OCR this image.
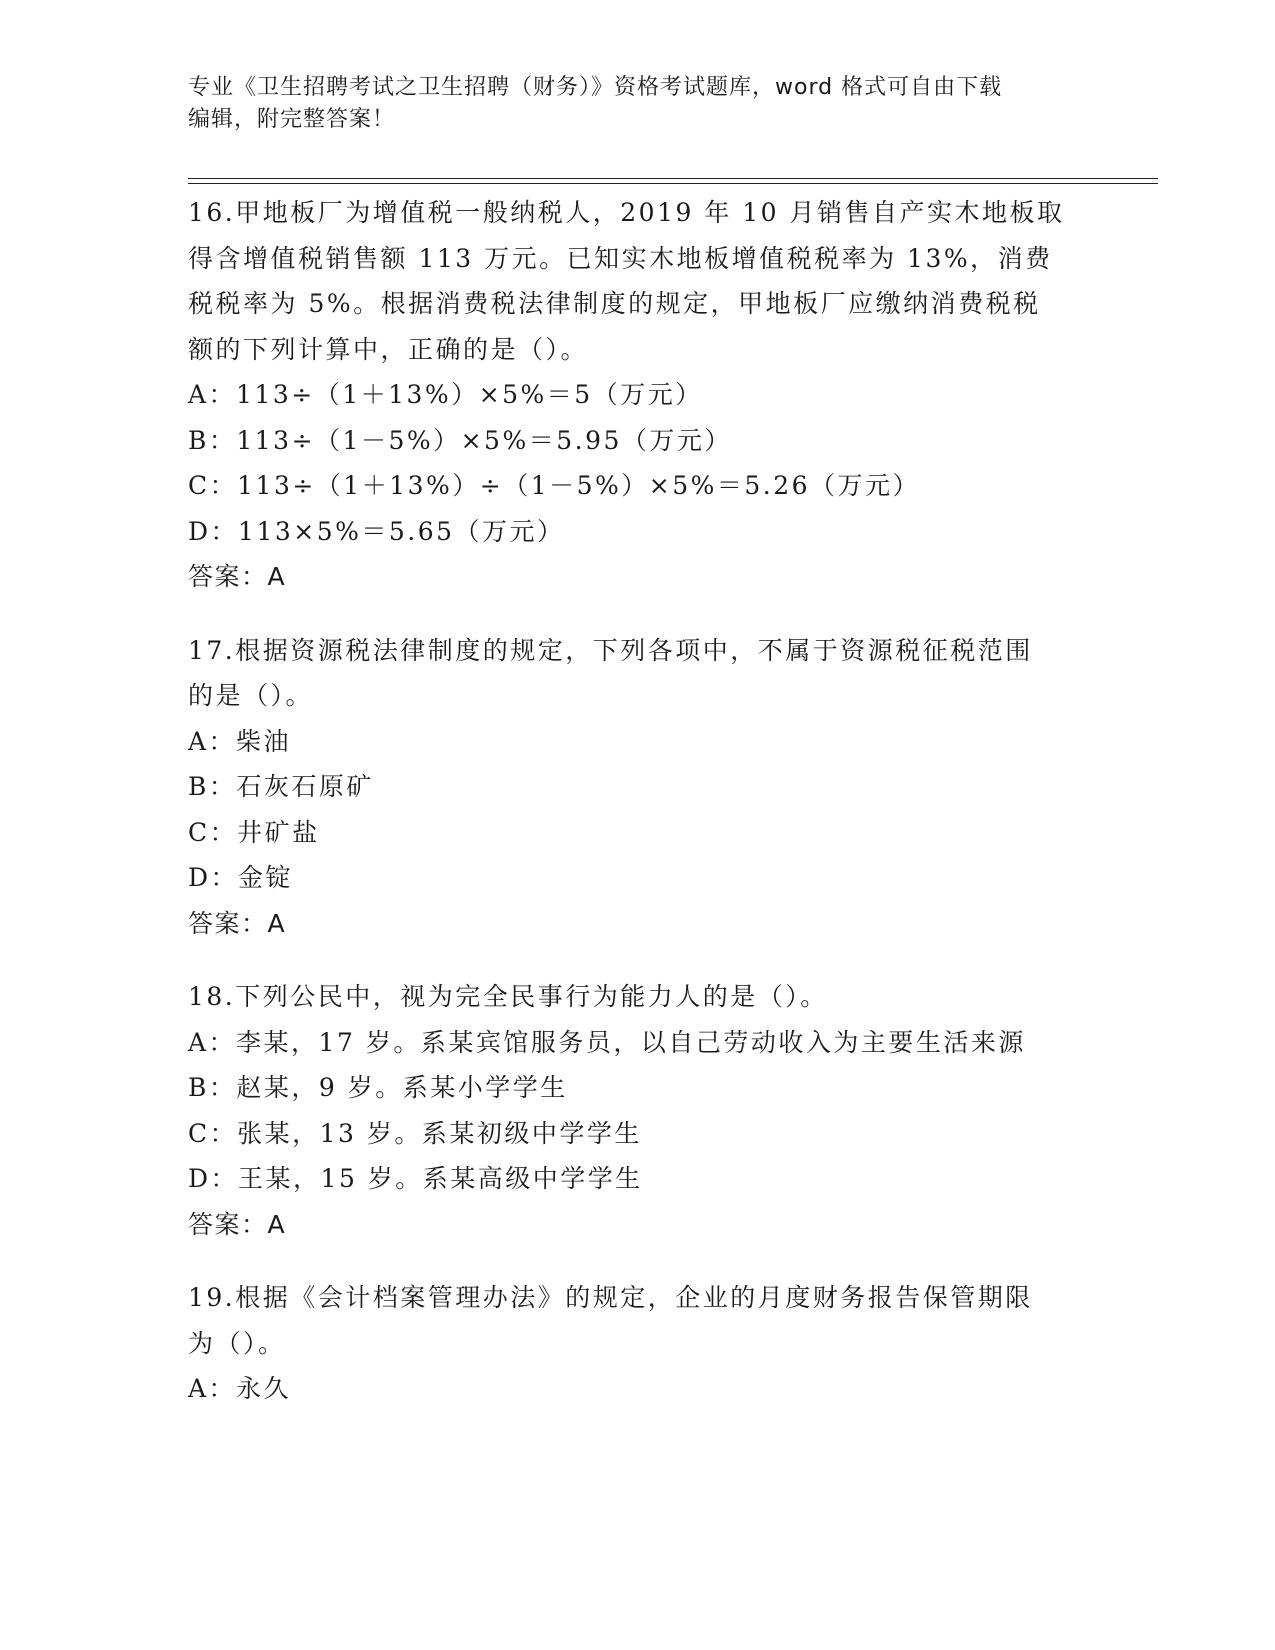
专业《卫生招聘考试之卫生招聘（财务）》资格考试题库，word 格式可自由下载
编辑，附完整答案！

16.甲地板厂为增值税一般纳税人，2019 年 10 月销售自产实木地板取

得含增值税销售额 113 万元。已知实木地板增值税税率为 13%，消费

税税率为 5%。根据消费税法律制度的规定，甲地板厂应缴纳消费税税

额的下列计算中，正确的是（）。

A：113÷（1＋13%）×5%＝5（万元）

B：113÷（1－5%）×5%＝5.95（万元）

C：113÷（1＋13%）÷（1－5%）×5%＝5.26（万元）

D：113×5%＝5.65（万元）

答案：A

17.根据资源税法律制度的规定，下列各项中，不属于资源税征税范围

的是（）。

A：柴油

B：石灰石原矿

C：井矿盐

D：金锭

答案：A

18.下列公民中，视为完全民事行为能力人的是（）。

A：李某，17 岁。系某宾馆服务员，以自己劳动收入为主要生活来源

B：赵某，9 岁。系某小学学生

C：张某，13 岁。系某初级中学学生

D：王某，15 岁。系某高级中学学生

答案：A

19.根据《会计档案管理办法》的规定，企业的月度财务报告保管期限

为（）。

A：永久
